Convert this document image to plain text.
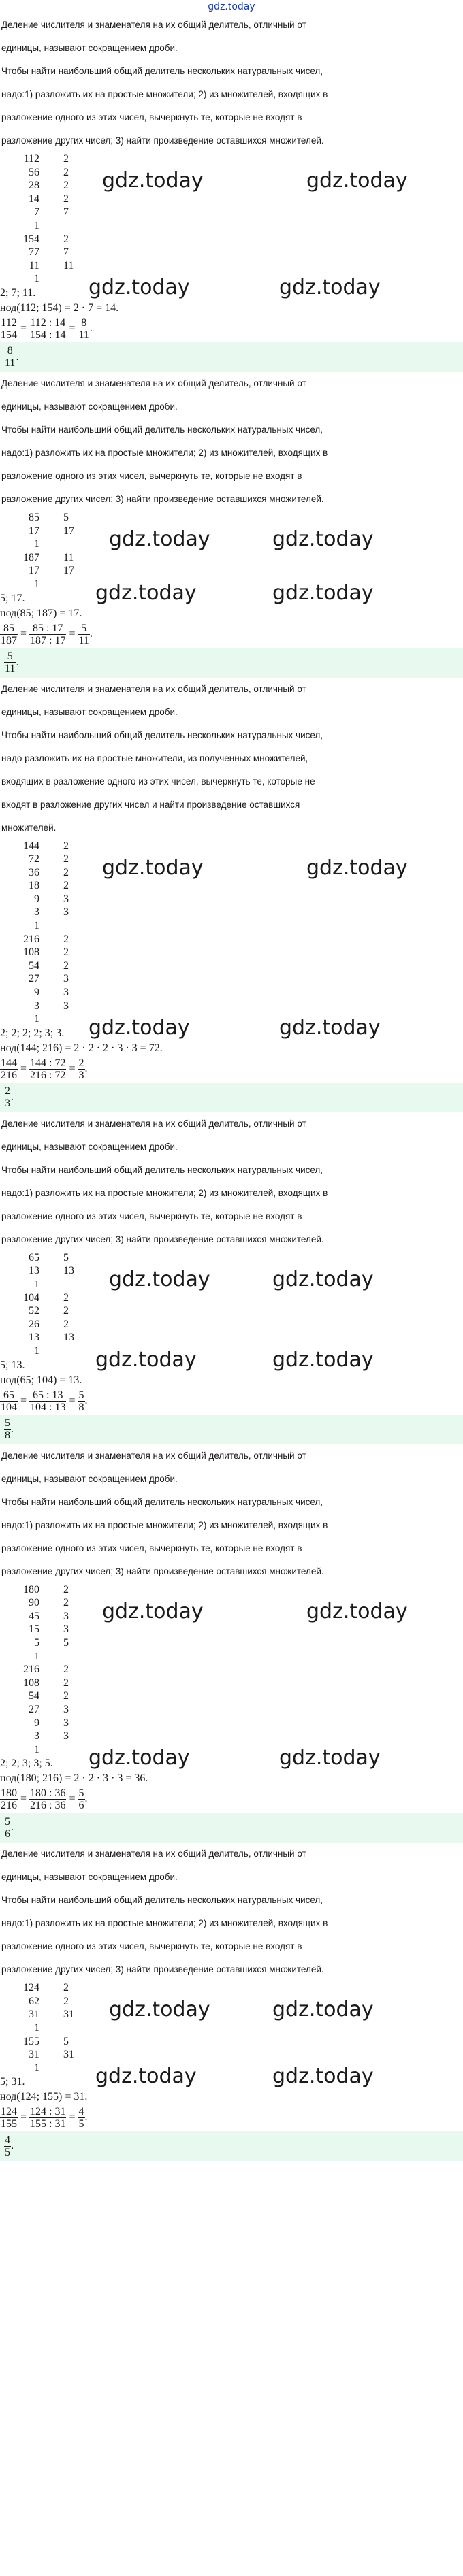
gdz.today

Деление числителя и знаменателя на их общий делитель, отличный от

единицы, называют сокращением дроби.

Чтобы найти наибольший общий делитель нескольких натуральных чисел,

надо:1) разложить их на простые множители; 2) из множителей, входящих в

разложение одного из этих чисел, вычеркнуть те, которые не входят в

разложение других чисел; 3) найти произведение оставшихся множителей.

112	2
56	2
28	2
14	2
7	7
1
154	2
77	7
11	11
1
gdz.today	gdz.today
gdz.today	gdz.today
2; 7; 11.
нод(112; 154) = 2 · 7 = 14.
$\frac{112}{154} = \frac{112 : 14}{154 : 14} = \frac{8}{11}$ .
$\frac{8}{11}$ .

Деление числителя и знаменателя на их общий делитель, отличный от

единицы, называют сокращением дроби.

Чтобы найти наибольший общий делитель нескольких натуральных чисел,

надо:1) разложить их на простые множители; 2) из множителей, входящих в

разложение одного из этих чисел, вычеркнуть те, которые не входят в

разложение других чисел; 3) найти произведение оставшихся множителей.

85	5
17	17
1
187	11
17	17
1
gdz.today	gdz.today
gdz.today	gdz.today
5; 17.
нод(85; 187) = 17.
$\frac{85}{187} = \frac{85 : 17}{187 : 17} = \frac{5}{11}$ .
$\frac{5}{11}$ .

Деление числителя и знаменателя на их общий делитель, отличный от

единицы, называют сокращением дроби.

Чтобы найти наибольший общий делитель нескольких натуральных чисел,

надо разложить их на простые множители, из полученных множителей,

входящих в разложение одного из этих чисел, вычеркнуть те, которые не

входят в разложение других чисел и найти произведение оставшихся

множителей.

144	2
72	2
36	2
18	2
9	3
3	3
1
216	2
108	2
54	2
27	3
9	3
3	3
1
gdz.today	gdz.today
gdz.today	gdz.today
2; 2; 2; 2; 3; 3.
нод(144; 216) = 2 · 2 · 2 · 3 · 3 = 72.
$\frac{144}{216} = \frac{144 : 72}{216 : 72} = \frac{2}{3}$ .
$\frac{2}{3}$ .

Деление числителя и знаменателя на их общий делитель, отличный от

единицы, называют сокращением дроби.

Чтобы найти наибольший общий делитель нескольких натуральных чисел,

надо:1) разложить их на простые множители; 2) из множителей, входящих в

разложение одного из этих чисел, вычеркнуть те, которые не входят в

разложение других чисел; 3) найти произведение оставшихся множителей.

65	5
13	13
1
104	2
52	2
26	2
13	13
1
gdz.today	gdz.today
gdz.today	gdz.today
5; 13.
нод(65; 104) = 13.
$\frac{65}{104} = \frac{65 : 13}{104 : 13} = \frac{5}{8}$ .
$\frac{5}{8}$ .

Деление числителя и знаменателя на их общий делитель, отличный от

единицы, называют сокращением дроби.

Чтобы найти наибольший общий делитель нескольких натуральных чисел,

надо:1) разложить их на простые множители; 2) из множителей, входящих в

разложение одного из этих чисел, вычеркнуть те, которые не входят в

разложение других чисел; 3) найти произведение оставшихся множителей.

180	2
90	2
45	3
15	3
5	5
1
216	2
108	2
54	2
27	3
9	3
3	3
1
gdz.today	gdz.today
gdz.today	gdz.today
2; 2; 3; 3; 5.
нод(180; 216) = 2 · 2 · 3 · 3 = 36.
$\frac{180}{216} = \frac{180 : 36}{216 : 36} = \frac{5}{6}$ .
$\frac{5}{6}$ .

Деление числителя и знаменателя на их общий делитель, отличный от

единицы, называют сокращением дроби.

Чтобы найти наибольший общий делитель нескольких натуральных чисел,

надо:1) разложить их на простые множители; 2) из множителей, входящих в

разложение одного из этих чисел, вычеркнуть те, которые не входят в

разложение других чисел; 3) найти произведение оставшихся множителей.

124	2
62	2
31	31
1
155	5
31	31
1
gdz.today	gdz.today
gdz.today	gdz.today
5; 31.
нод(124; 155) = 31.
$\frac{124}{155} = \frac{124 : 31}{155 : 31} = \frac{4}{5}$ .
$\frac{4}{5}$ .
